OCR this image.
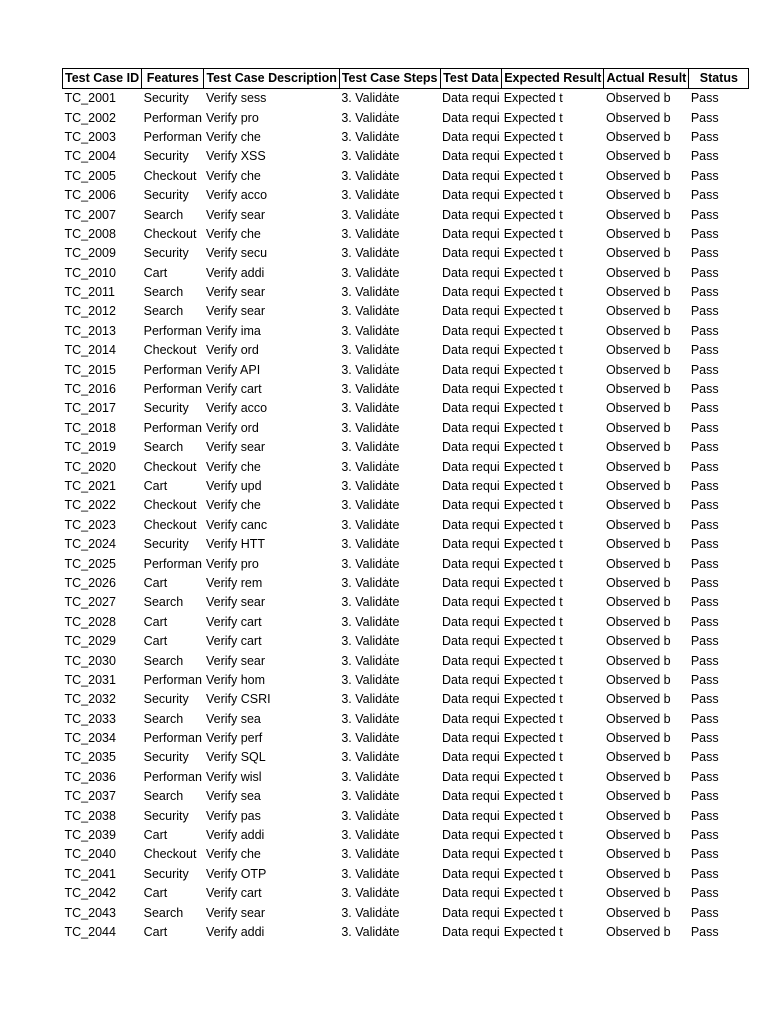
Test Case ID	Features	Test Case Description	Test Case Steps	Test Data	Expected Result	Actual Result	Status
TC_2001	Security	Verify sess	3. Validate	Data requi	Expected t	Observed b	Pass
TC_2002	Performan	Verify pro	3. Validate	Data requi	Expected t	Observed b	Pass
TC_2003	Performan	Verify che	3. Validate	Data requi	Expected t	Observed b	Pass
TC_2004	Security	Verify XSS	3. Validate	Data requi	Expected t	Observed b	Pass
TC_2005	Checkout	Verify che	3. Validate	Data requi	Expected t	Observed b	Pass
TC_2006	Security	Verify acco	3. Validate	Data requi	Expected t	Observed b	Pass
TC_2007	Search	Verify sear	3. Validate	Data requi	Expected t	Observed b	Pass
TC_2008	Checkout	Verify che	3. Validate	Data requi	Expected t	Observed b	Pass
TC_2009	Security	Verify secu	3. Validate	Data requi	Expected t	Observed b	Pass
TC_2010	Cart	Verify addi	3. Validate	Data requi	Expected t	Observed b	Pass
TC_2011	Search	Verify sear	3. Validate	Data requi	Expected t	Observed b	Pass
TC_2012	Search	Verify sear	3. Validate	Data requi	Expected t	Observed b	Pass
TC_2013	Performan	Verify ima	3. Validate	Data requi	Expected t	Observed b	Pass
TC_2014	Checkout	Verify ord	3. Validate	Data requi	Expected t	Observed b	Pass
TC_2015	Performan	Verify API	3. Validate	Data requi	Expected t	Observed b	Pass
TC_2016	Performan	Verify cart	3. Validate	Data requi	Expected t	Observed b	Pass
TC_2017	Security	Verify acco	3. Validate	Data requi	Expected t	Observed b	Pass
TC_2018	Performan	Verify ord	3. Validate	Data requi	Expected t	Observed b	Pass
TC_2019	Search	Verify sear	3. Validate	Data requi	Expected t	Observed b	Pass
TC_2020	Checkout	Verify che	3. Validate	Data requi	Expected t	Observed b	Pass
TC_2021	Cart	Verify upd	3. Validate	Data requi	Expected t	Observed b	Pass
TC_2022	Checkout	Verify che	3. Validate	Data requi	Expected t	Observed b	Pass
TC_2023	Checkout	Verify canc	3. Validate	Data requi	Expected t	Observed b	Pass
TC_2024	Security	Verify HTT	3. Validate	Data requi	Expected t	Observed b	Pass
TC_2025	Performan	Verify pro	3. Validate	Data requi	Expected t	Observed b	Pass
TC_2026	Cart	Verify rem	3. Validate	Data requi	Expected t	Observed b	Pass
TC_2027	Search	Verify sear	3. Validate	Data requi	Expected t	Observed b	Pass
TC_2028	Cart	Verify cart	3. Validate	Data requi	Expected t	Observed b	Pass
TC_2029	Cart	Verify cart	3. Validate	Data requi	Expected t	Observed b	Pass
TC_2030	Search	Verify sear	3. Validate	Data requi	Expected t	Observed b	Pass
TC_2031	Performan	Verify hom	3. Validate	Data requi	Expected t	Observed b	Pass
TC_2032	Security	Verify CSRI	3. Validate	Data requi	Expected t	Observed b	Pass
TC_2033	Search	Verify sea	3. Validate	Data requi	Expected t	Observed b	Pass
TC_2034	Performan	Verify perf	3. Validate	Data requi	Expected t	Observed b	Pass
TC_2035	Security	Verify SQL	3. Validate	Data requi	Expected t	Observed b	Pass
TC_2036	Performan	Verify wisl	3. Validate	Data requi	Expected t	Observed b	Pass
TC_2037	Search	Verify sea	3. Validate	Data requi	Expected t	Observed b	Pass
TC_2038	Security	Verify pas	3. Validate	Data requi	Expected t	Observed b	Pass
TC_2039	Cart	Verify addi	3. Validate	Data requi	Expected t	Observed b	Pass
TC_2040	Checkout	Verify che	3. Validate	Data requi	Expected t	Observed b	Pass
TC_2041	Security	Verify OTP	3. Validate	Data requi	Expected t	Observed b	Pass
TC_2042	Cart	Verify cart	3. Validate	Data requi	Expected t	Observed b	Pass
TC_2043	Search	Verify sear	3. Validate	Data requi	Expected t	Observed b	Pass
TC_2044	Cart	Verify addi	3. Validate	Data requi	Expected t	Observed b	Pass
